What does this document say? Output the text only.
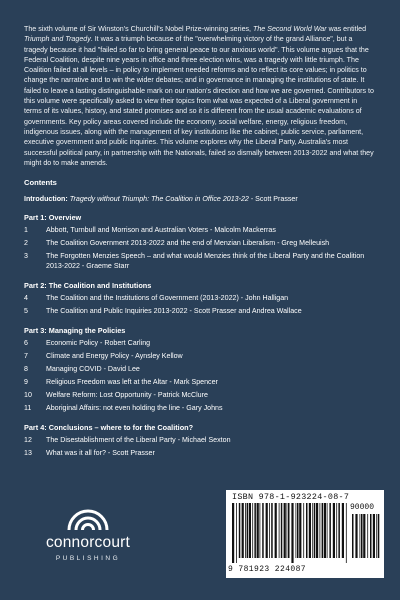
The sixth volume of Sir Winston's Churchill's Nobel Prize-winning series, The Second World War was entitled Triumph and Tragedy. It was a triumph because of the "overwhelming victory of the grand Alliance", but a tragedy because it had "failed so far to bring general peace to our anxious world". This volume argues that the Federal Coalition, despite nine years in office and three election wins, was a tragedy with little triumph. The Coalition failed at all levels – in policy to implement needed reforms and to reflect its core values; in politics to change the narrative and to win the wider debates; and in governance in managing the institutions of state. It failed to leave a lasting distinguishable mark on our nation's direction and how we are governed. Contributors to this volume were specifically asked to view their topics from what was expected of a Liberal government in terms of its values, history, and stated promises and so it is different from the usual academic evaluations of governments. Key policy areas covered include the economy, social welfare, energy, religious freedom, indigenous issues, along with the management of key institutions like the cabinet, public service, parliament, executive government and public inquiries. This volume explores why the Liberal Party, Australia's most successful political party, in partnership with the Nationals, failed so dismally between 2013-2022 and what they might do to make amends.

Contents
Introduction: Tragedy without Triumph: The Coalition in Office 2013-22 - Scott Prasser
Part 1: Overview
1	Abbott, Turnbull and Morrison and Australian Voters - Malcolm Mackerras
2	The Coalition Government 2013-2022 and the end of Menzian Liberalism - Greg Melleuish
3	The Forgotten Menzies Speech – and what would Menzies think of the Liberal Party and the Coalition 2013-2022 - Graeme Starr
Part 2: The Coalition and Institutions
4	The Coalition and the Institutions of Government (2013-2022) - John Halligan
5	The Coalition and Public Inquiries 2013-2022 - Scott Prasser and Andrea Wallace
Part 3: Managing the Policies
6	Economic Policy - Robert Carling
7	Climate and Energy Policy - Aynsley Kellow
8	Managing COVID - David Lee
9	Religious Freedom was left at the Altar - Mark Spencer
10	Welfare Reform: Lost Opportunity - Patrick McClure
11	Aboriginal Affairs: not even holding the line - Gary Johns
Part 4: Conclusions – where to for the Coalition?
12	The Disestablishment of the Liberal Party - Michael Sexton
13	What was it all for? - Scott Prasser
ISBN 978-1-923224-08-7
90000
9 781923 224087
connorcourt
PUBLISHING
